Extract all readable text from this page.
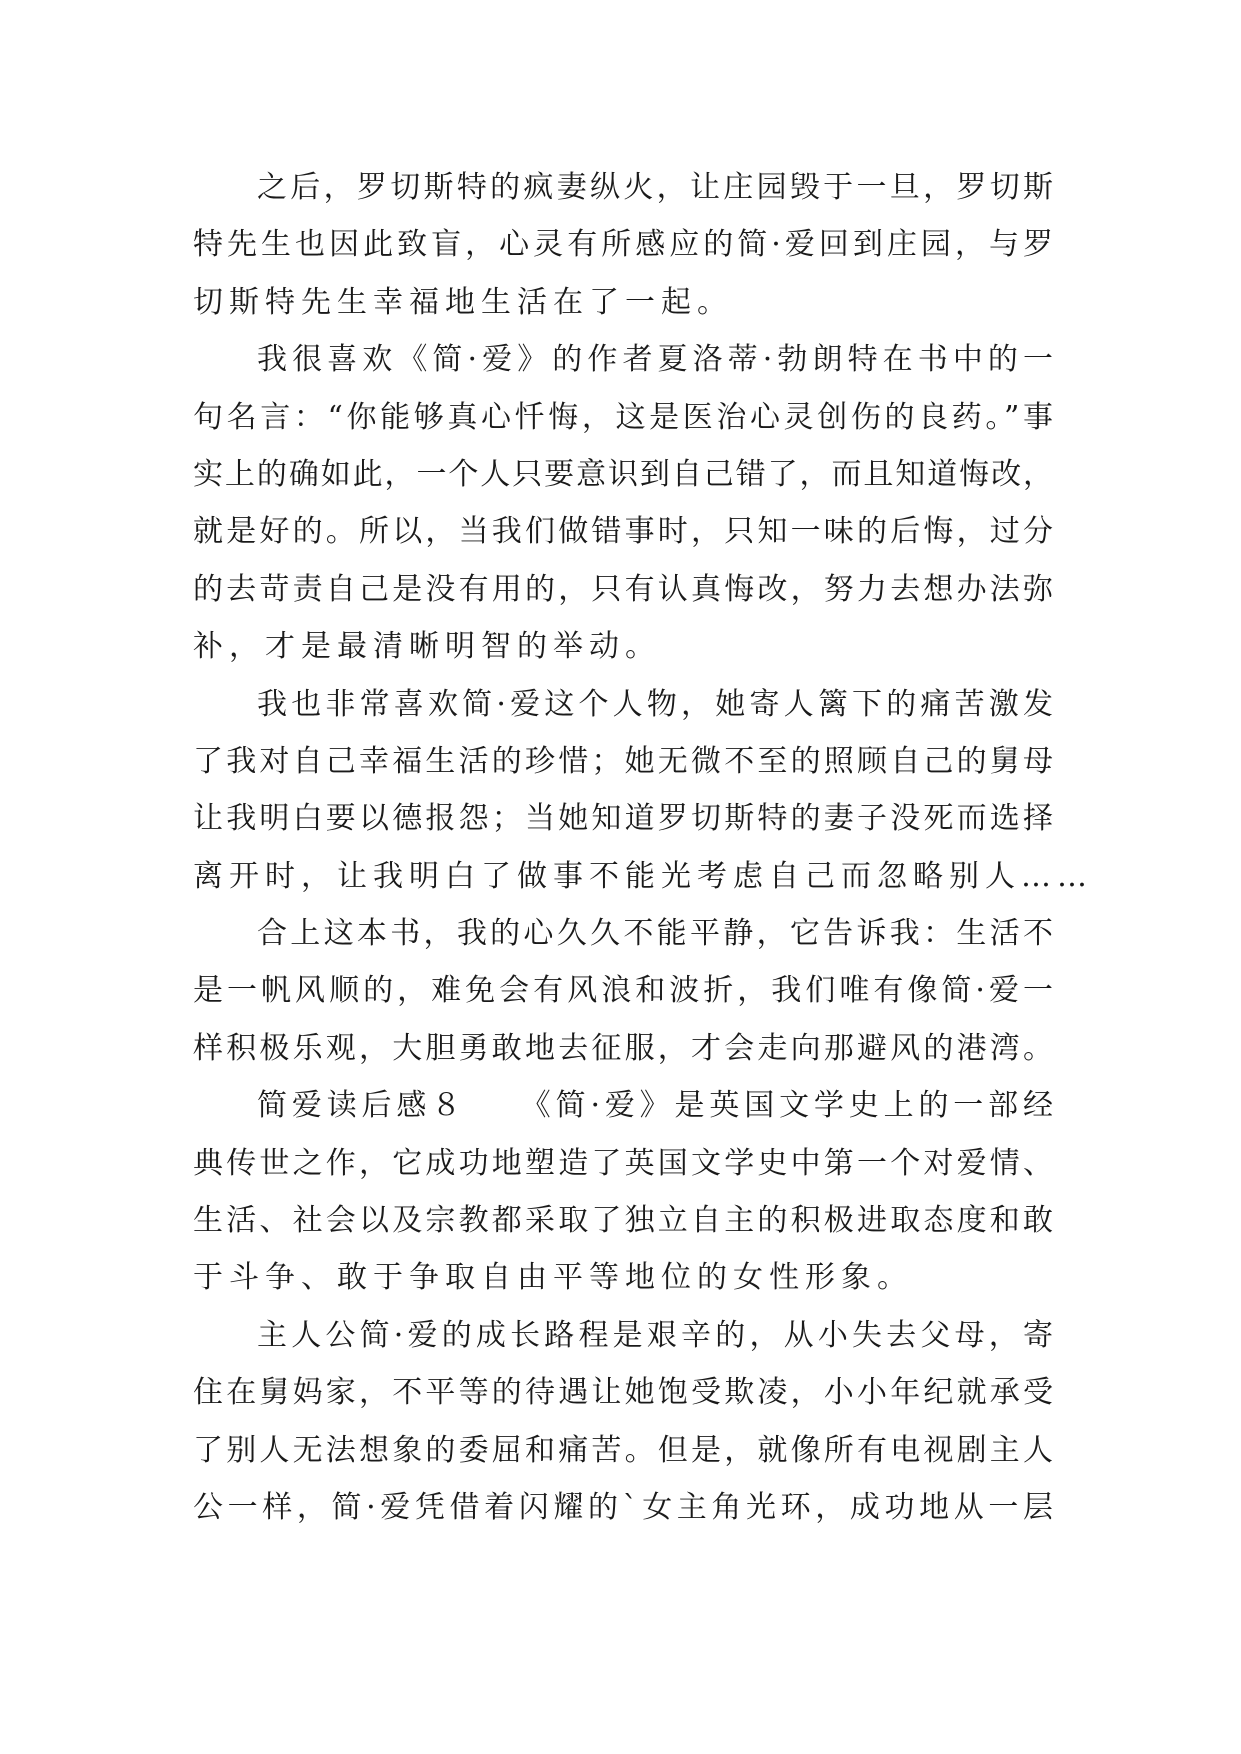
之后，罗切斯特的疯妻纵火，让庄园毁于一旦，罗切斯
特先生也因此致盲，心灵有所感应的简·爱回到庄园，与罗
切斯特先生幸福地生活在了一起。
我很喜欢《简·爱》的作者夏洛蒂·勃朗特在书中的一
句名言：“你能够真心忏悔，这是医治心灵创伤的良药。”事
实上的确如此，一个人只要意识到自己错了，而且知道悔改，
就是好的。所以，当我们做错事时，只知一味的后悔，过分
的去苛责自己是没有用的，只有认真悔改，努力去想办法弥
补，才是最清晰明智的举动。
我也非常喜欢简·爱这个人物，她寄人篱下的痛苦激发
了我对自己幸福生活的珍惜；她无微不至的照顾自己的舅母
让我明白要以德报怨；当她知道罗切斯特的妻子没死而选择
离开时，让我明白了做事不能光考虑自己而忽略别人……
合上这本书，我的心久久不能平静，它告诉我：生活不
是一帆风顺的，难免会有风浪和波折，我们唯有像简·爱一
样积极乐观，大胆勇敢地去征服，才会走向那避风的港湾。
简爱读后感８　　《简·爱》是英国文学史上的一部经
典传世之作，它成功地塑造了英国文学史中第一个对爱情、
生活、社会以及宗教都采取了独立自主的积极进取态度和敢
于斗争、敢于争取自由平等地位的女性形象。
主人公简·爱的成长路程是艰辛的，从小失去父母，寄
住在舅妈家，不平等的待遇让她饱受欺凌，小小年纪就承受
了别人无法想象的委屈和痛苦。但是，就像所有电视剧主人
公一样，简·爱凭借着闪耀的`女主角光环，成功地从一层
